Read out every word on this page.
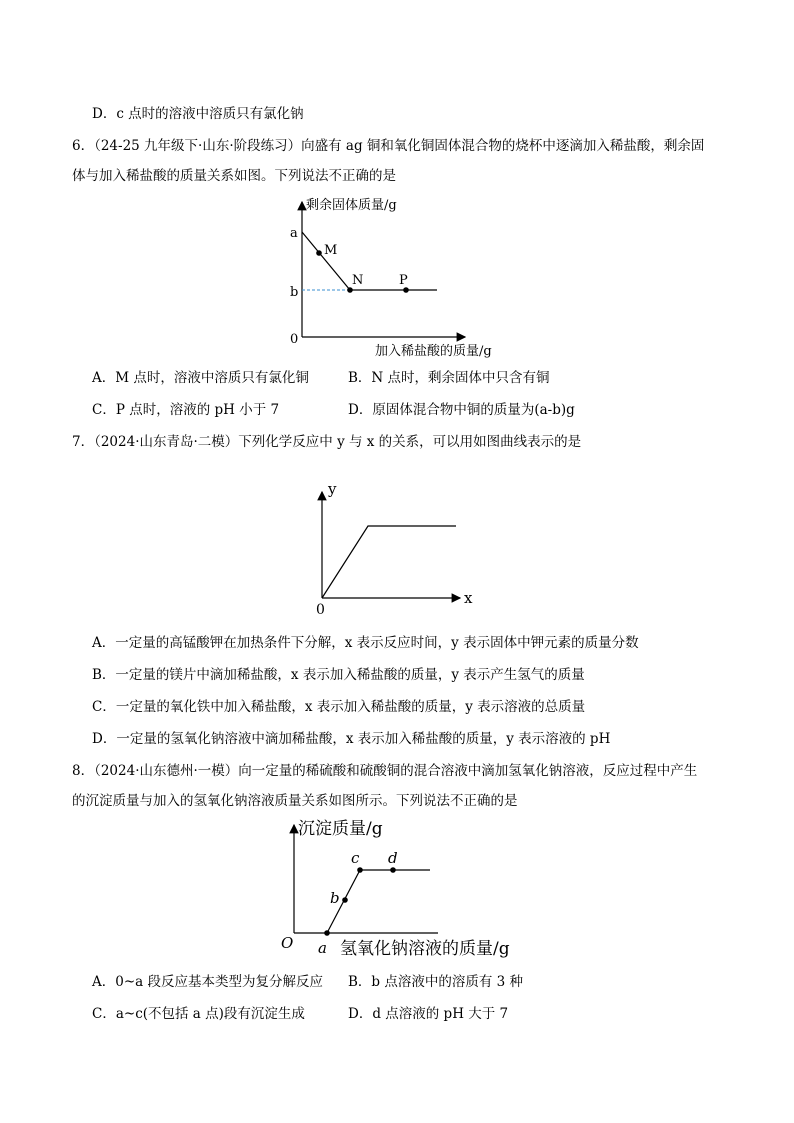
D．c 点时的溶液中溶质只有氯化钠
6．（24-25 九年级下·山东·阶段练习）向盛有 ag 铜和氧化铜固体混合物的烧杯中逐滴加入稀盐酸，剩余固
体与加入稀盐酸的质量关系如图。下列说法不正确的是
剩余固体质量/g
加入稀盐酸的质量/g
a
b
0
M
N	P
A．M 点时，溶液中溶质只有氯化铜	B．N 点时，剩余固体中只含有铜
C．P 点时，溶液的 pH 小于 7	D．原固体混合物中铜的质量为(a-b)g
7．（2024·山东青岛·二模）下列化学反应中 y 与 x 的关系，可以用如图曲线表示的是
y
x
0
A．一定量的高锰酸钾在加热条件下分解，x 表示反应时间，y 表示固体中钾元素的质量分数
B．一定量的镁片中滴加稀盐酸，x 表示加入稀盐酸的质量，y 表示产生氢气的质量
C．一定量的氧化铁中加入稀盐酸，x 表示加入稀盐酸的质量，y 表示溶液的总质量
D．一定量的氢氧化钠溶液中滴加稀盐酸，x 表示加入稀盐酸的质量，y 表示溶液的 pH
8．（2024·山东德州·一模）向一定量的稀硫酸和硫酸铜的混合溶液中滴加氢氧化钠溶液，反应过程中产生
的沉淀质量与加入的氢氧化钠溶液质量关系如图所示。下列说法不正确的是
沉淀质量/g
氢氧化钠溶液的质量/g
O a
b
c d
A．0~a 段反应基本类型为复分解反应 B．b 点溶液中的溶质有 3 种
C．a~c(不包括 a 点)段有沉淀生成	D．d 点溶液的 pH 大于 7
